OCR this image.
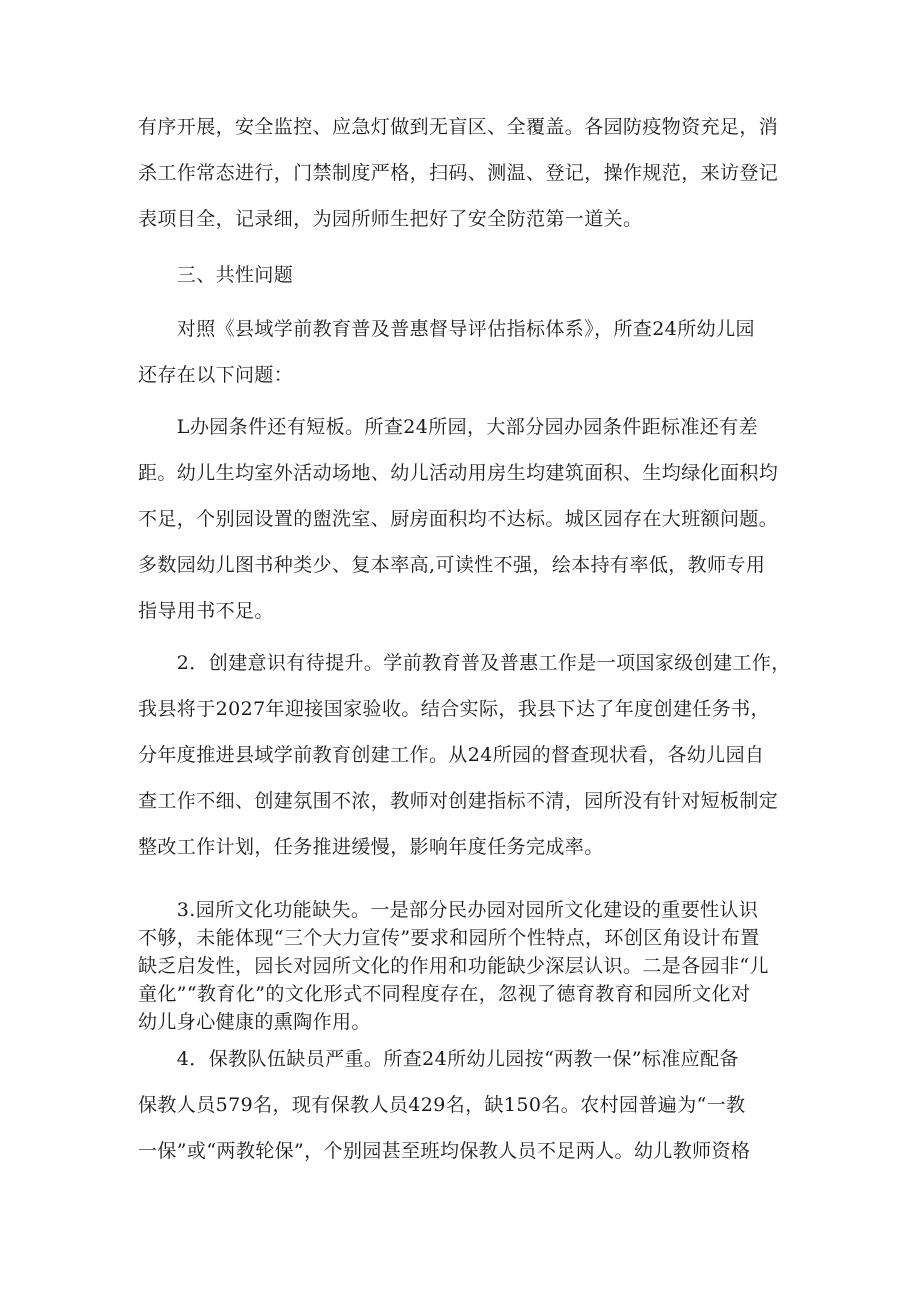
有序开展，安全监控、应急灯做到无盲区、全覆盖。各园防疫物资充足，消
杀工作常态进行，门禁制度严格，扫码、测温、登记，操作规范，来访登记
表项目全，记录细，为园所师生把好了安全防范第一道关。
　　三、共性问题
　　对照《县域学前教育普及普惠督导评估指标体系》，所查24所幼儿园
还存在以下问题：
　　L办园条件还有短板。所查24所园，大部分园办园条件距标准还有差
距。幼儿生均室外活动场地、幼儿活动用房生均建筑面积、生均绿化面积均
不足，个别园设置的盥洗室、厨房面积均不达标。城区园存在大班额问题。
多数园幼儿图书种类少、复本率高,可读性不强，绘本持有率低，教师专用
指导用书不足。
　　2．创建意识有待提升。学前教育普及普惠工作是一项国家级创建工作，
我县将于2027年迎接国家验收。结合实际，我县下达了年度创建任务书，
分年度推进县域学前教育创建工作。从24所园的督查现状看，各幼儿园自
查工作不细、创建氛围不浓，教师对创建指标不清，园所没有针对短板制定
整改工作计划，任务推进缓慢，影响年度任务完成率。
　　3.园所文化功能缺失。一是部分民办园对园所文化建设的重要性认识
不够，未能体现“三个大力宣传”要求和园所个性特点，环创区角设计布置
缺乏启发性，园长对园所文化的作用和功能缺少深层认识。二是各园非“儿
童化”“教育化”的文化形式不同程度存在，忽视了德育教育和园所文化对
幼儿身心健康的熏陶作用。
　　4．保教队伍缺员严重。所查24所幼儿园按“两教一保”标准应配备
保教人员579名，现有保教人员429名，缺150名。农村园普遍为“一教
一保”或“两教轮保”，个别园甚至班均保教人员不足两人。幼儿教师资格
